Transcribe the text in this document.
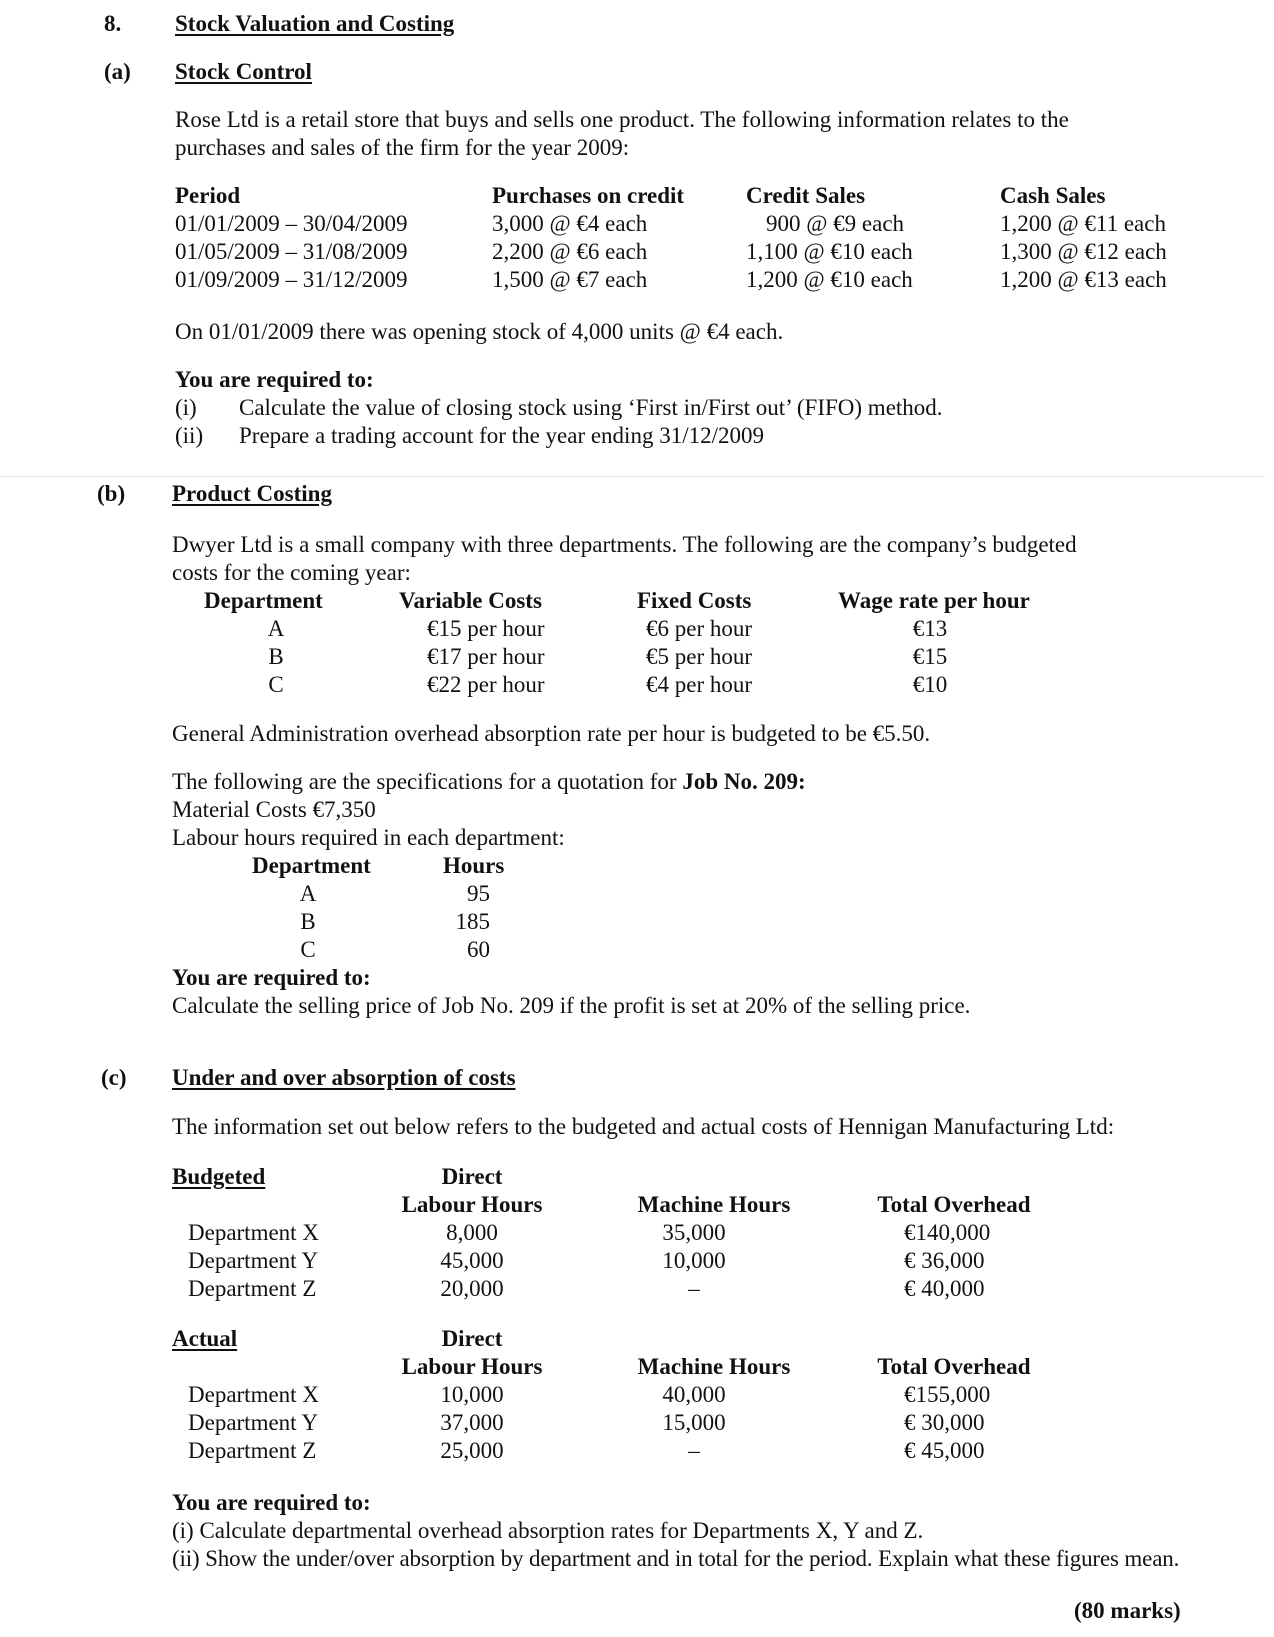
8. Stock Valuation and Costing
(a) Stock Control
Rose Ltd is a retail store that buys and sells one product. The following information relates to the
purchases and sales of the firm for the year 2009:
Period	Purchases on credit	Credit Sales	Cash Sales
01/01/2009 – 30/04/2009	3,000 @ €4 each	900 @ €9 each	1,200 @ €11 each
01/05/2009 – 31/08/2009	2,200 @ €6 each	1,100 @ €10 each	1,300 @ €12 each
01/09/2009 – 31/12/2009	1,500 @ €7 each	1,200 @ €10 each	1,200 @ €13 each
On 01/01/2009 there was opening stock of 4,000 units @ €4 each.
You are required to:
(i) Calculate the value of closing stock using ‘First in/First out’ (FIFO) method.
(ii) Prepare a trading account for the year ending 31/12/2009
(b) Product Costing
Dwyer Ltd is a small company with three departments. The following are the company’s budgeted
costs for the coming year:
Department	Variable Costs	Fixed Costs	Wage rate per hour
A	€15 per hour	€6 per hour	€13
B	€17 per hour	€5 per hour	€15
C	€22 per hour	€4 per hour	€10
General Administration overhead absorption rate per hour is budgeted to be €5.50.
The following are the specifications for a quotation for Job No. 209:
Material Costs €7,350
Labour hours required in each department:
Department	Hours
A	95
B	185
C	60
You are required to:
Calculate the selling price of Job No. 209 if the profit is set at 20% of the selling price.
(c) Under and over absorption of costs
The information set out below refers to the budgeted and actual costs of Hennigan Manufacturing Ltd:
Budgeted	Direct
Labour Hours	Machine Hours	Total Overhead
Department X	8,000	35,000	€140,000
Department Y	45,000	10,000	€ 36,000
Department Z	20,000	–	€ 40,000
Actual	Direct
Labour Hours	Machine Hours	Total Overhead
Department X	10,000	40,000	€155,000
Department Y	37,000	15,000	€ 30,000
Department Z	25,000	–	€ 45,000
You are required to:
(i) Calculate departmental overhead absorption rates for Departments X, Y and Z.
(ii) Show the under/over absorption by department and in total for the period. Explain what these figures mean.
(80 marks)
